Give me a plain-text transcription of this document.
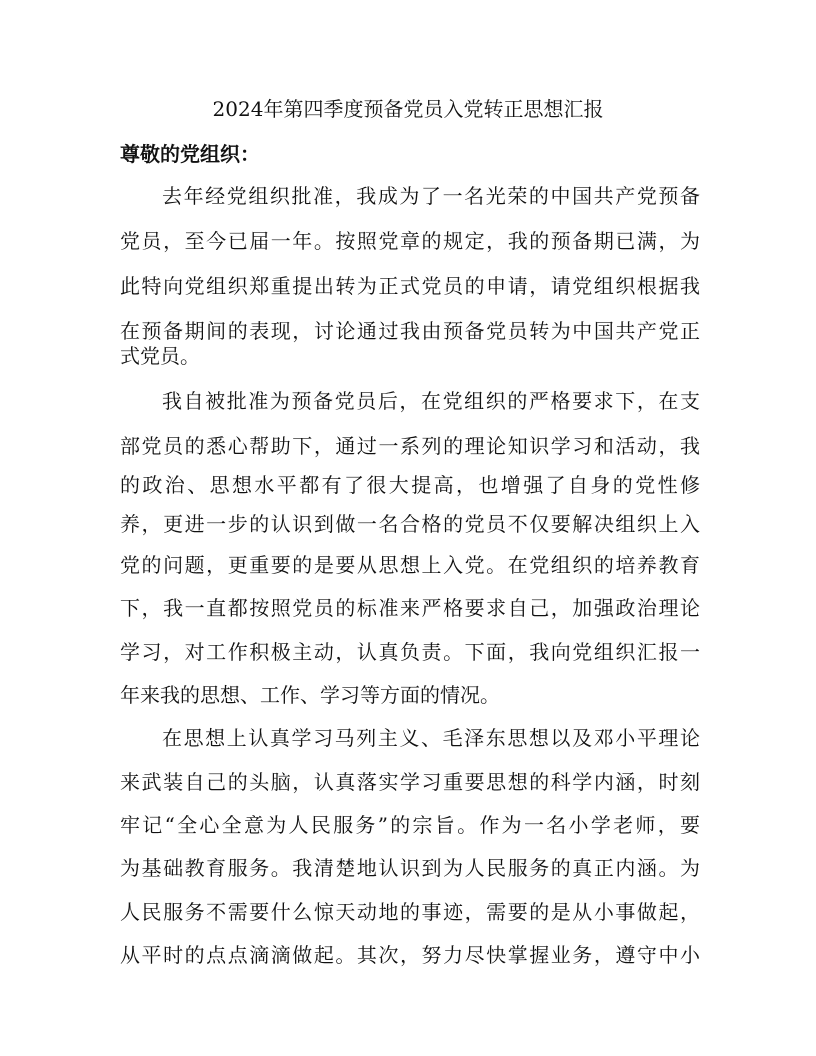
2024年第四季度预备党员入党转正思想汇报
尊敬的党组织：
去年经党组织批准，我成为了一名光荣的中国共产党预备
党员，至今已届一年。按照党章的规定，我的预备期已满，为
此特向党组织郑重提出转为正式党员的申请，请党组织根据我
在预备期间的表现，讨论通过我由预备党员转为中国共产党正
式党员。
我自被批准为预备党员后，在党组织的严格要求下，在支
部党员的悉心帮助下，通过一系列的理论知识学习和活动，我
的政治、思想水平都有了很大提高，也增强了自身的党性修
养，更进一步的认识到做一名合格的党员不仅要解决组织上入
党的问题，更重要的是要从思想上入党。在党组织的培养教育
下，我一直都按照党员的标准来严格要求自己，加强政治理论
学习，对工作积极主动，认真负责。下面，我向党组织汇报一
年来我的思想、工作、学习等方面的情况。
在思想上认真学习马列主义、毛泽东思想以及邓小平理论
来武装自己的头脑，认真落实学习重要思想的科学内涵，时刻
牢记“全心全意为人民服务”的宗旨。作为一名小学老师，要
为基础教育服务。我清楚地认识到为人民服务的真正内涵。为
人民服务不需要什么惊天动地的事迹，需要的是从小事做起，
从平时的点点滴滴做起。其次，努力尽快掌握业务，遵守中小
